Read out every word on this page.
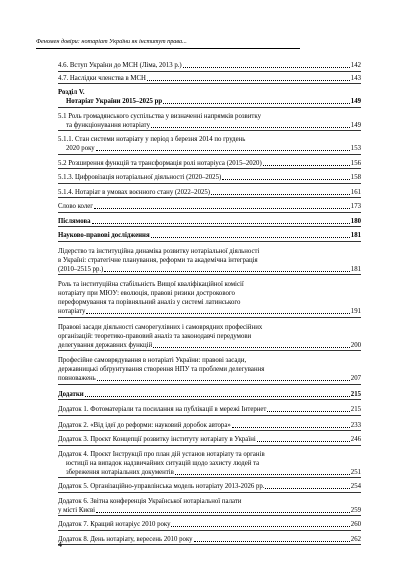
Феномен довіри: нотаріат України як інститут права...
4.6. Вступ України до МСН (Ліма, 2013 р.)	142
4.7. Наслідки членства в МСН	143
Розділ V.
Нотаріат України 2015–2025 рр	149
5.1 Роль громадянського суспільства у визначенні напрямків розвитку
та функціонування нотаріату	149
5.1.1. Стан системи нотаріату у період з березня 2014 по грудень
2020 року	153
5.2 Розширення функцій та трансформація ролі нотаріуса (2015–2020)	156
5.1.3. Цифровізація нотаріальної діяльності (2020–2025)	158
5.1.4. Нотаріат в умовах воєнного стану (2022–2025)	161
Слово колег	173
Післямова	180
Науково-правові дослідження	181
Лідерство та інституційна динаміка розвитку нотаріальної діяльності
в Україні: стратегічне планування, реформи та академічна інтеграція
(2010–2515 рр.)	181
Роль та інституційна стабільність Вищої кваліфікаційної комісії
нотаріату при МЮУ: еволюція, правові ризики дострокового
переформування та порівняльний аналіз у системі латинського
нотаріату	191
Правові засади діяльності саморегулівних і самоврядних професійних
організацій: теоретико-правовий аналіз та законодавчі передумови
делегування державних функцій	200
Професійне самоврядування в нотаріаті України: правові засади,
державницькі обґрунтування створення НПУ та проблеми делегування
повноважень	207
Додатки	215
Додаток 1. Фотоматеріали та посилання на публікації в мережі Інтернет	215
Додаток 2. «Від ідеї до реформи: науковий доробок автора»	233
Додаток 3. Проєкт Концепції розвитку інституту нотаріату в Україні	246
Додаток 4. Проєкт Інструкції про план дій установ нотаріату та органів
юстиції на випадок надзвичайних ситуацій щодо захисту людей та
збереження нотаріальних документів	251
Додаток 5. Організаційно-управлінська модель нотаріату 2013-2026 рр.	254
Додаток 6. Звітна конференція Української нотаріальної палати
у місті Києві	259
Додаток 7. Кращий нотаріус 2010 року	260
Додаток 8. День нотаріату, вересень 2010 року	262
4
